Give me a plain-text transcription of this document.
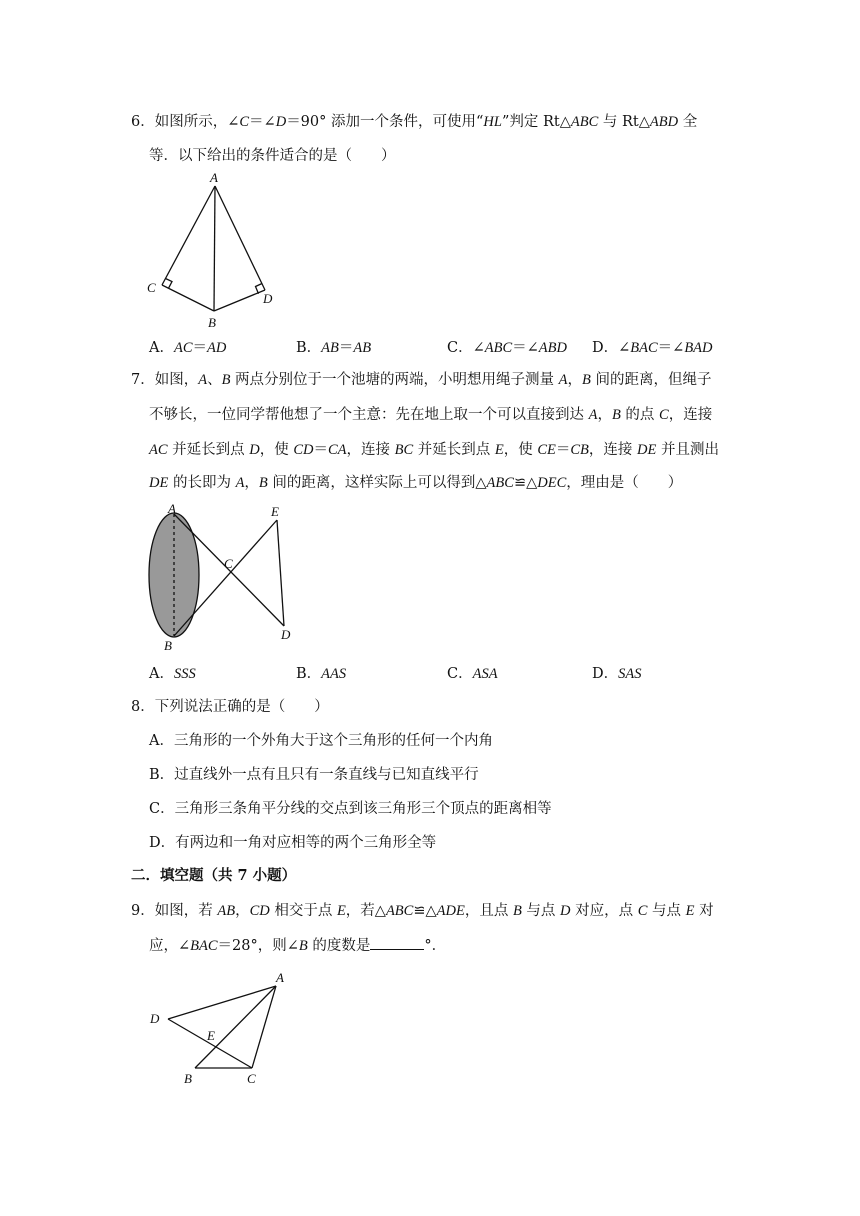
6．如图所示，∠C＝∠D＝90° 添加一个条件，可使用“HL”判定 Rt△ABC 与 Rt△ABD 全
等．以下给出的条件适合的是（　　）
A
C
D
B
A．AC＝AD	B．AB＝AB	C．∠ABC＝∠ABD D．∠BAC＝∠BAD
7．如图，A、B 两点分别位于一个池塘的两端，小明想用绳子测量 A，B 间的距离，但绳子
不够长，一位同学帮他想了一个主意：先在地上取一个可以直接到达 A，B 的点 C，连接
AC 并延长到点 D，使 CD＝CA，连接 BC 并延长到点 E，使 CE＝CB，连接 DE 并且测出
DE 的长即为 A，B 间的距离，这样实际上可以得到△ABC≌△DEC，理由是（　　）
A
B
C
D
E
A．SSS	B．AAS	C．ASA	D．SAS
8．下列说法正确的是（　　）
A．三角形的一个外角大于这个三角形的任何一个内角
B．过直线外一点有且只有一条直线与已知直线平行
C．三角形三条角平分线的交点到该三角形三个顶点的距离相等
D．有两边和一角对应相等的两个三角形全等
二．填空题（共 7 小题）
9．如图，若 AB，CD 相交于点 E，若△ABC≌△ADE，且点 B 与点 D 对应，点 C 与点 E 对
应，∠BAC＝28°，则∠B 的度数是	°．
A
D
E
B	C
